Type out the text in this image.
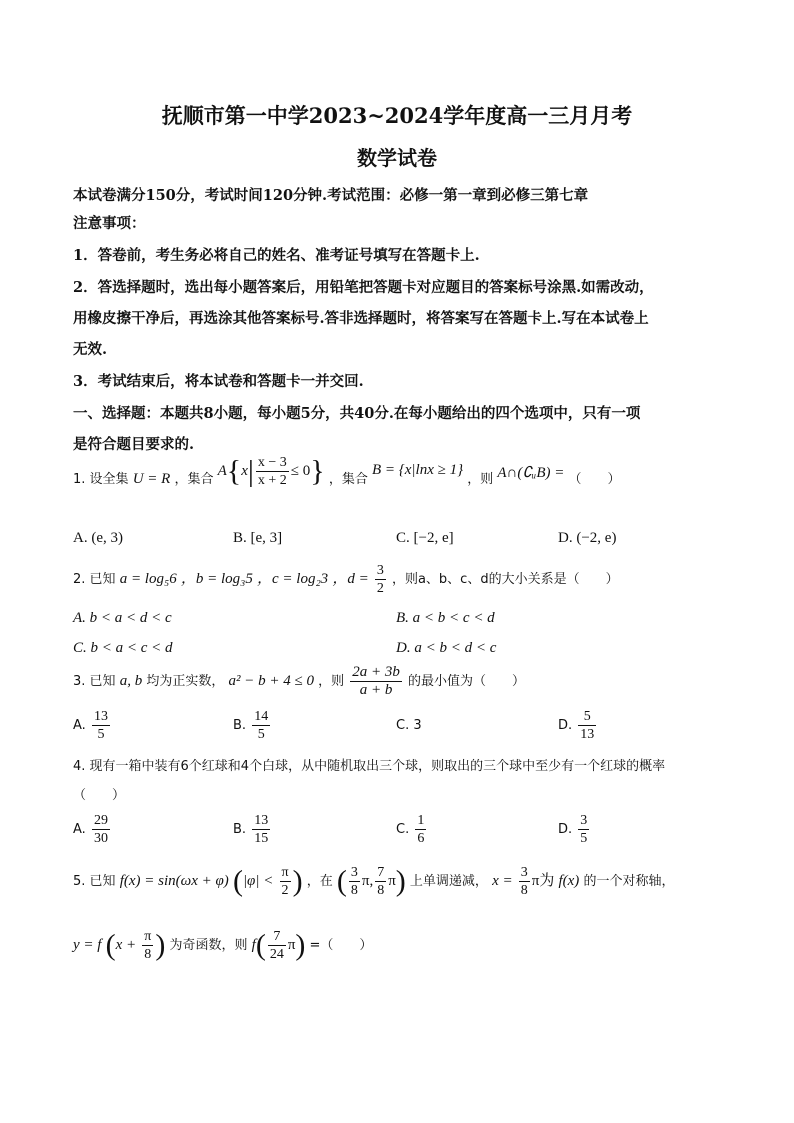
抚顺市第一中学2023~2024学年度高一三月月考
数学试卷
本试卷满分150分，考试时间120分钟.考试范围：必修一第一章到必修三第七章
注意事项：
1．答卷前，考生务必将自己的姓名、准考证号填写在答题卡上.
2．答选择题时，选出每小题答案后，用铅笔把答题卡对应题目的答案标号涂黑.如需改动，
用橡皮擦干净后，再选涂其他答案标号.答非选择题时，将答案写在答题卡上.写在本试卷上
无效.
3．考试结束后，将本试卷和答题卡一并交回.
一、选择题：本题共8小题，每小题5分，共40分.在每小题给出的四个选项中，只有一项
是符合题目要求的.
1. 设全集 U = R ，集合 $A\{x| \frac{x - 3}{x + 2} \le 0\}$ ，集合 B = {x|lnx ≥ 1} ，则 A∩(∁ᵤB) = （　　）
A. (e, 3)	B. [e, 3]	C. [−2, e]	D. (−2, e)
2. 已知 a = log₅6 ，b = log₃5 ，c = log₂3 ，$d = \frac{3}{2}$ ，则a、b、c、d的大小关系是（　　）
A. b < a < d < c	B. a < b < c < d
C. b < a < c < d	D. a < b < d < c
3. 已知 a, b 均为正实数， a² − b + 4 ≤ 0 ，则 $\frac{2a + 3b}{a + b}$ 的最小值为（　　）
A. $\frac{13}{5}$	B. $\frac{14}{5}$	C. 3	D. $\frac{5}{13}$
4. 现有一箱中装有6个红球和4个白球，从中随机取出三个球，则取出的三个球中至少有一个红球的概率
（　　）
A. $\frac{29}{30}$	B. $\frac{13}{15}$	C. $\frac{1}{6}$	D. $\frac{3}{5}$
5. 已知 f(x) = sin(ωx + φ) ($|\varphi| < \frac{\pi}{2}$ ) ，在 ( $\frac{3}{8} \pi$, $\frac{7}{8} \pi$) 上单调递减， $x = \frac{3}{8}$ π为 f(x) 的一个对称轴，
y = f ($x + \frac{\pi}{8}$ ) 为奇函数，则 $f( \frac{7}{24} \pi)$ =（　　）
